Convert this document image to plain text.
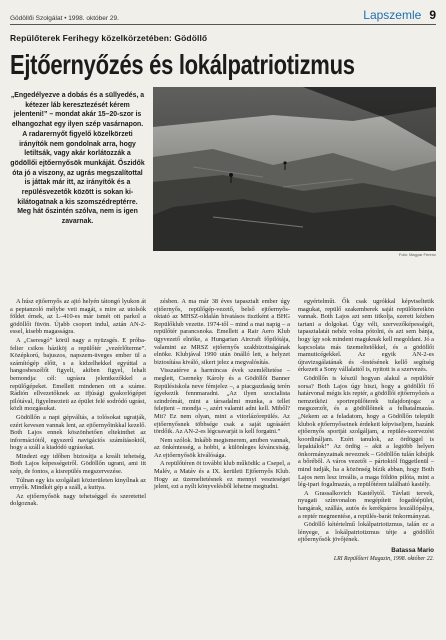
Gödöllői Szolgálat • 1998. október 29.	Lapszemle 9
Repülőterek Ferihegy közelkörzetében: Gödöllő
Ejtőernyőzés és lokálpatriotizmus
„Engedélyezve a dobás és a süllyedés, a kétezer láb keresztezését kérem jelenteni!” – mondat akár 15–20-szor is elhangozhat egy ilyen szép vasárnapon. A radarernyőt figyelő közelkörzeti irányítók nem gondolnak arra, hogy letiltsák, vagy akár korlátozzák a gödöllői ejtőernyősök munkáját. Őszidők óta jó a viszony, az ugrás megszalítottal is játtak már itt, az irányítók és a repülésvezetők között is sokan ki-kilátogatnak a kis szomszédreptérre. Meg hát őszintén szólva, nem is igen zavarnak.
Fotó: Magyar Ferenc

A húsz ejtőernyős az ajtó helyén tátongó lyukon át a peptanzoló mélybe veti magát, s mire az utolsók földet érnek, az L–410-es már ismét ott parkol a gödöllői füvön. Újabb csoport indul, aztán AN-2-essel, kisebb magasságra.

A „Cseresgó” körül nagy a nyüzsgés. E próba-felier csikos háziköj a repülőtér „vezérlőterme”. Középkorú, bajuszos, napszem-üveges ember ül a számítógép előtt, s a kidzelhekkel egyúttal a hangosbeszélőt figyeli, akiben figyel, lehalt bemondja: cél: ugrásra jelentkezőkkel a repülőgépeket. Emellett mindenen ott a száme. Rádión ellvezetőknek az ifjúsági gyakorlógépet pilótával, figyelmezteti az épület felé sodródó ugrást, közli mozgásukat.

Gödöllőn a napi gépváltás, a tolósokat ugratják, ezért kevesen vannak lent, az ejtőernyőinkkal kezelő. Both Lajos ennek köszönhetően eltekinthet az információtól, egyszerű navigációs számításoktól, hogy a száll a kiadódó ugrásokat.

Mindezt egy időben biztosítja a kreált tehetség, Both Lajos képességeiről. Gödöllőn ugrani, ami itt szép, de fontos, a kisrepülés megszervezése.

Túlnan egy kis szolgálati közterületen kinyílnak az ernyők. Mindkét gép a száll, a kuttya.

Az ejtőernyősök nagy tehetséggel és szeretettel dolgoznak.

zésben. A ma már 38 éves tapasztalt ember úgy ejtőernyős, repülőgép-vezető, belső ejtőernyős-oktató az MHSZ-oldalán hivatásos tisztként a BHG Repülőklub vezette. 1974-től – mind a mai napig – a repülőtér parancsnoka. Emellett a Rair Aero Klub ügyvezető elnöke, a Hungarian Aircraft főpilótája, valamint az MRSZ ejtőernyős szakbizottságának elnöke. Klubjával 1990 után önálló lett, a helyzet biztosítása kiváló, sikert jelez a megvalósítás.

Visszatérve a harmincas évek szemléltetése – meglett, Cserneky Károly és a Gödöllői Banner Repülésiskola neve fémjelez –, a piacgazdaság terén ígyekezik fennmaradni. „Az ilyen szocialista szindrómát, mint a társadalmi munka, a tellet felejteni – mondja –, azért valamit adni kell. Miből? Mit? Ez nem olyan, mint a vitorlázórepülés. Az ejtőernyősnek többsége csak a saját ugrásáért tördőik. Az AN-2-es légcsavarját is kell forgatni.”

Nem szólok. Inkább megismerem, amiben vannak, az önkéntesség, a hobbi, a különleges kíváncsiság. Az ejtőernyősök kiválósága.

A repülőtéren öt további klub működik: a Csepel, a Malév, a Matáv és a IX. kerületi Ejtőernyős Klub. Hogy az üzemeltetésnek ez mennyi veszteséget jelent, ezt a nyílt könyvelésből lehetne megtudni.

egyértelműt. Ők csak ugrókkal képviseltetik magukat, repülő szakemberek saját repülőtereikön vannak. Both Lajos azt sem titkolja, szereti kézben tartani a dolgokat. Úgy véli, szervezőképességét, tapasztalatát nehéz volna pótolni, és azt sem bánja, hogy így sok mindent maguknak kell megoldani. Jó a kapcsolata más üzemeltetőkkel, és a gödöllői mamuticégekkel. Az egyik AN-2-es újravizsgálatának és -festésének kellő segítség érkezett a Sony vállalattól is, nyitott is a szervezés.

Gödöllőn is készül hogyan alakul a repülőtér sorsa? Both Lajos úgy hiszi, hogy a gödöllői fő határvonal mégis kis reptér, a gödöllői ejtőernyőzés a nemzetközi sportrepülőterek tulajdonjoga: a megszerzőt, és a gödöllőinek a felhatalmazás. „Nekem az a feladatom, hogy a Gödöllőn települt klubok ejtőernyőseinek érdekeit képviseljem, hazánk ejtőernyős sportját szolgáljam, a repülés-szervezést koordináljam. Ezért tanulok, az ördöggel is lepaktálok!” Az ördög – akit a legtöbb helyen önkormányzatnak neveznek – Gödöllőn tulán kibújik a bőréből. A város vezetői – pártoktól függetlenül – mind tudják, ha a közönség bízik abban, hogy Both Lajos nem lesz irreális, a maga földön pilóta, mint a lég-ipari fogalmazás, a repülőtéren található kastély.

A Grassalkovich Kastélytól. Távlati tervek, nyugati színvonalon megépített fogadóépület, hangárak, szállás, autós és kerékpáros leszállópálya, a reptér megmentése, a repülés-barát önkormányzat.

Gödöllő kétértelmű lokálpatriotizmus, talán ez a lényege, a lokálpatriotizmus tétje a gödöllői ejtőernyősök jövőjének.

Batassa Mario
LRI Repülőteri Magazin, 1998. október 22.
